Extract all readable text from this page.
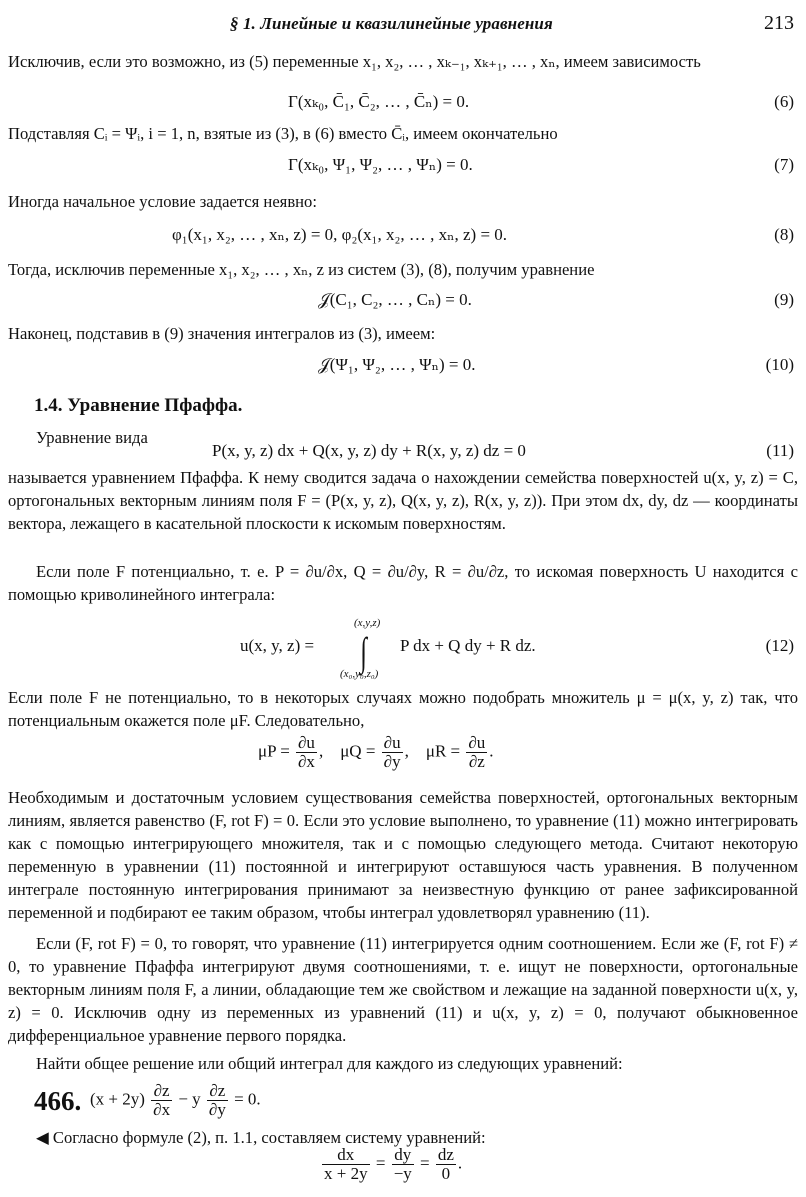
§ 1. Линейные и квазилинейные уравнения	213
Исключив, если это возможно, из (5) переменные x₁, x₂, … , xₖ₋₁, xₖ₊₁, … , xₙ, имеем зависимость
Γ(xₖ₀, C̄₁, C̄₂, … , C̄ₙ) = 0.	(6)
Подставляя Cᵢ = Ψᵢ, i = 1, n, взятые из (3), в (6) вместо C̄ᵢ, имеем окончательно
Γ(xₖ₀, Ψ₁, Ψ₂, … , Ψₙ) = 0.	(7)
Иногда начальное условие задается неявно:
φ₁(x₁, x₂, … , xₙ, z) = 0, φ₂(x₁, x₂, … , xₙ, z) = 0.	(8)
Тогда, исключив переменные x₁, x₂, … , xₙ, z из систем (3), (8), получим уравнение
𝒥(C₁, C₂, … , Cₙ) = 0.	(9)
Наконец, подставив в (9) значения интегралов из (3), имеем:
𝒥(Ψ₁, Ψ₂, … , Ψₙ) = 0.	(10)
1.4. Уравнение Пфаффа.
Уравнение вида
P(x, y, z) dx + Q(x, y, z) dy + R(x, y, z) dz = 0	(11)
называется уравнением Пфаффа. К нему сводится задача о нахождении семейства поверхностей u(x, y, z) = C, ортогональных векторным линиям поля F = (P(x, y, z), Q(x, y, z), R(x, y, z)). При этом dx, dy, dz — координаты вектора, лежащего в касательной плоскости к искомым поверхностям.
Если поле F потенциально, т. е. P = ∂u/∂x, Q = ∂u/∂y, R = ∂u/∂z, то искомая поверхность U находится с помощью криволинейного интеграла:
u(x, y, z) =
(x,y,z)
∫
(x₀,y₀,z₀)
P dx + Q dy + R dz.	(12)
Если поле F не потенциально, то в некоторых случаях можно подобрать множитель μ = μ(x, y, z) так, что потенциальным окажется поле μF. Следовательно,
$\mu P = \frac{\partial u}{\partial x}$ ,    $\mu Q = \frac{\partial u}{\partial y}$ ,    $\mu R = \frac{\partial u}{\partial z}$ .
Необходимым и достаточным условием существования семейства поверхностей, ортогональных векторным линиям, является равенство (F, rot F) = 0. Если это условие выполнено, то уравнение (11) можно интегрировать как с помощью интегрирующего множителя, так и с помощью следующего метода. Считают некоторую переменную в уравнении (11) постоянной и интегрируют оставшуюся часть уравнения. В полученном интеграле постоянную интегрирования принимают за неизвестную функцию от ранее зафиксированной переменной и подбирают ее таким образом, чтобы интеграл удовлетворял уравнению (11).
Если (F, rot F) = 0, то говорят, что уравнение (11) интегрируется одним соотношением. Если же (F, rot F) ≠ 0, то уравнение Пфаффа интегрируют двумя соотношениями, т. е. ищут не поверхности, ортогональные векторным линиям поля F, а линии, обладающие тем же свойством и лежащие на заданной поверхности u(x, y, z) = 0. Исключив одну из переменных из уравнений (11) и u(x, y, z) = 0, получают обыкновенное дифференциальное уравнение первого порядка.
Найти общее решение или общий интеграл для каждого из следующих уравнений:
466. $(x + 2y) \frac{\partial z}{\partial x} - y \frac{\partial z}{\partial y} = 0$.
◀ Согласно формуле (2), п. 1.1, составляем систему уравнений:
$\frac{dx}{x + 2y} = \frac{dy}{-y} = \frac{dz}{0}$ .
